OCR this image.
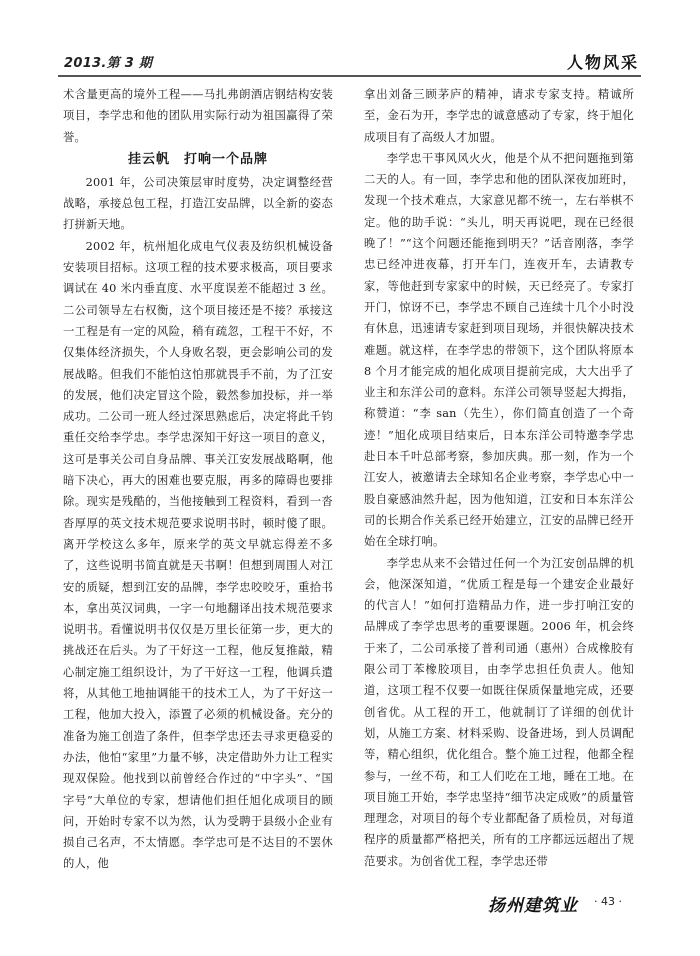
2013.第 3 期	人物风采

术含量更高的境外工程——马扎弗朗酒店钢结构安装项目，李学忠和他的团队用实际行动为祖国赢得了荣誉。

挂云帆　打响一个品牌

2001 年，公司决策层审时度势，决定调整经营战略，承接总包工程，打造江安品牌，以全新的姿态打拼新天地。

2002 年，杭州旭化成电气仪表及纺织机械设备安装项目招标。这项工程的技术要求极高，项目要求调试在 40 米内垂直度、水平度误差不能超过 3 丝。二公司领导左右权衡，这个项目接还是不接？承接这一工程是有一定的风险，稍有疏忽，工程干不好，不仅集体经济损失，个人身败名裂，更会影响公司的发展战略。但我们不能怕这怕那就畏手不前，为了江安的发展，他们决定冒这个险，毅然参加投标，并一举成功。二公司一班人经过深思熟虑后，决定将此千钧重任交给李学忠。李学忠深知干好这一项目的意义，这可是事关公司自身品牌、事关江安发展战略啊，他暗下决心，再大的困难也要克服，再多的障碍也要排除。现实是残酷的，当他接触到工程资料，看到一沓沓厚厚的英文技术规范要求说明书时，顿时傻了眼。离开学校这么多年，原来学的英文早就忘得差不多了，这些说明书简直就是天书啊！但想到周围人对江安的质疑，想到江安的品牌，李学忠咬咬牙，重拾书本，拿出英汉词典，一字一句地翻译出技术规范要求说明书。看懂说明书仅仅是万里长征第一步，更大的挑战还在后头。为了干好这一工程，他反复推敲，精心制定施工组织设计，为了干好这一工程，他调兵遣将，从其他工地抽调能干的技术工人，为了干好这一工程，他加大投入，添置了必须的机械设备。充分的准备为施工创造了条件，但李学忠还去寻求更稳妥的办法，他怕“家里”力量不够，决定借助外力让工程实现双保险。他找到以前曾经合作过的“中字头”、“国字号”大单位的专家，想请他们担任旭化成项目的顾问，开始时专家不以为然，认为受聘于县级小企业有损自己名声，不太情愿。李学忠可是不达目的不罢休的人，他

拿出刘备三顾茅庐的精神，请求专家支持。精诚所至，金石为开，李学忠的诚意感动了专家，终于旭化成项目有了高级人才加盟。

李学忠干事风风火火，他是个从不把问题拖到第二天的人。有一回，李学忠和他的团队深夜加班时，发现一个技术难点，大家意见都不统一，左右举棋不定。他的助手说：“头儿，明天再说吧，现在已经很晚了！”“这个问题还能拖到明天？”话音刚落，李学忠已经冲进夜幕，打开车门，连夜开车，去请教专家，等他赶到专家家中的时候，天已经亮了。专家打开门，惊讶不已，李学忠不顾自己连续十几个小时没有休息，迅速请专家赶到项目现场，并很快解决技术难题。就这样，在李学忠的带领下，这个团队将原本 8 个月才能完成的旭化成项目提前完成，大大出乎了业主和东洋公司的意料。东洋公司领导竖起大拇指，称赞道：“李 san（先生），你们简直创造了一个奇迹！”旭化成项目结束后，日本东洋公司特邀李学忠赴日本千叶总部考察，参加庆典。那一刻，作为一个江安人，被邀请去全球知名企业考察，李学忠心中一股自豪感油然升起，因为他知道，江安和日本东洋公司的长期合作关系已经开始建立，江安的品牌已经开始在全球打响。

李学忠从来不会错过任何一个为江安创品牌的机会，他深深知道，“优质工程是每一个建安企业最好的代言人！”如何打造精品力作，进一步打响江安的品牌成了李学忠思考的重要课题。2006 年，机会终于来了，二公司承接了普利司通（惠州）合成橡胶有限公司丁苯橡胶项目，由李学忠担任负责人。他知道，这项工程不仅要一如既往保质保量地完成，还要创省优。从工程的开工，他就制订了详细的创优计划，从施工方案、材料采购、设备进场，到人员调配等，精心组织，优化组合。整个施工过程，他都全程参与，一丝不苟，和工人们吃在工地，睡在工地。在项目施工开始，李学忠坚持“细节决定成败”的质量管理理念，对项目的每个专业都配备了质检员，对每道程序的质量都严格把关，所有的工序都远远超出了规范要求。为创省优工程，李学忠还带

扬州建筑业 · 43 ·
